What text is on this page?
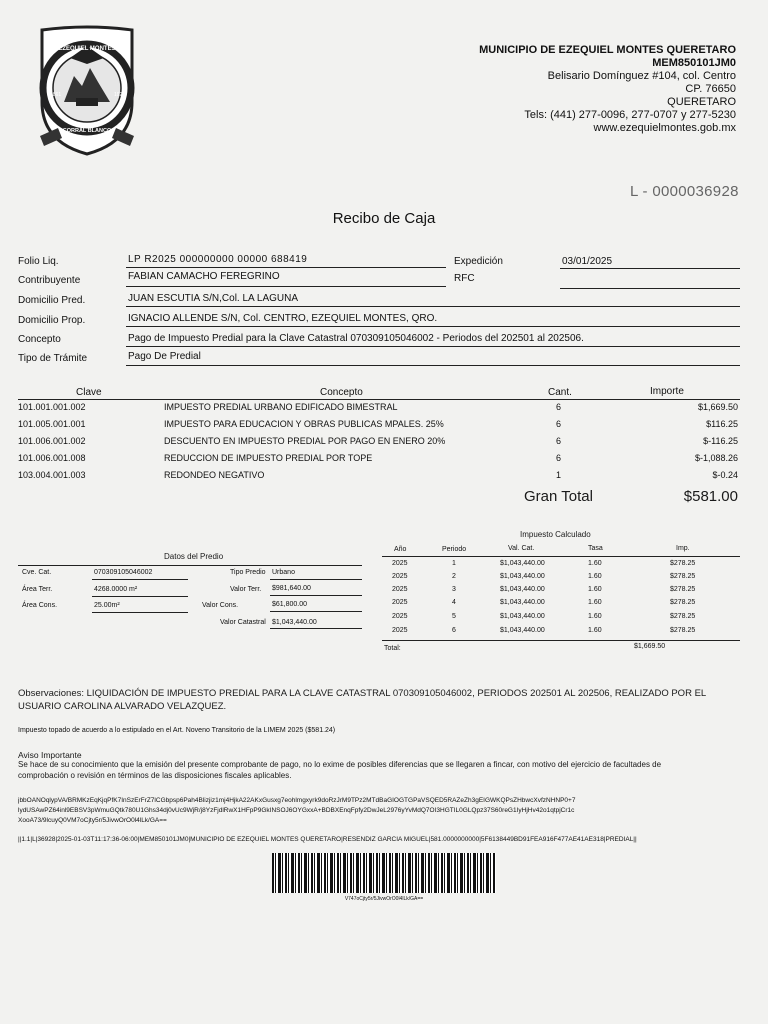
EZEQUIEL MONTES
CORRAL BLANCO
1861	1920
MUNICIPIO DE EZEQUIEL MONTES QUERETARO
MEM850101JM0
Belisario Domínguez #104, col. Centro
CP. 76650
QUERETARO
Tels: (441) 277-0096, 277-0707 y 277-5230
www.ezequielmontes.gob.mx
L - 0000036928
Recibo de Caja
Folio Liq.	LP R2025 000000000 00000 688419	Expedición	03/01/2025
Contribuyente	FABIAN CAMACHO FEREGRINO	RFC
Domicilio Pred.	JUAN ESCUTIA S/N,Col. LA LAGUNA
Domicilio Prop.	IGNACIO ALLENDE S/N, Col. CENTRO, EZEQUIEL MONTES, QRO.
Concepto	Pago de Impuesto Predial para la Clave Catastral 070309105046002 - Periodos del 202501 al 202506.
Tipo de Trámite	Pago De Predial
Clave	Concepto	Cant.	Importe
101.001.001.002	IMPUESTO PREDIAL URBANO EDIFICADO BIMESTRAL	6	$1,669.50
101.005.001.001	IMPUESTO PARA EDUCACION Y OBRAS PUBLICAS MPALES. 25%	6	$116.25
101.006.001.002	DESCUENTO EN IMPUESTO PREDIAL POR PAGO EN ENERO 20%	6	$-116.25
101.006.001.008	REDUCCION DE IMPUESTO PREDIAL POR TOPE	6	$-1,088.26
103.004.001.003	REDONDEO NEGATIVO	1	$-0.24
Gran Total	$581.00
Datos del Predio
Cve. Cat.	070309105046002	Tipo Predio Urbano
Área Terr.	4268.0000 m²	Valor Terr. $981,640.00
Área Cons.	25.00m²	Valor Cons.	$61,800.00
Valor Catastral $1,043,440.00
Impuesto Calculado
Año	Periodo	Val. Cat.	Tasa	Imp.
2025	1	$1,043,440.00	1.60	$278.25
2025	2	$1,043,440.00	1.60	$278.25
2025	3	$1,043,440.00	1.60	$278.25
2025	4	$1,043,440.00	1.60	$278.25
2025	5	$1,043,440.00	1.60	$278.25
2025	6	$1,043,440.00	1.60	$278.25
Total:	$1,669.50
Observaciones: LIQUIDACIÓN DE IMPUESTO PREDIAL PARA LA CLAVE CATASTRAL 070309105046002, PERIODOS 202501 AL 202506, REALIZADO POR EL
USUARIO CAROLINA ALVARADO VELAZQUEZ.
Impuesto topado de acuerdo a lo estipulado en el Art. Noveno Transitorio de la LIMEM 2025 ($581.24)
Aviso Importante
Se hace de su conocimiento que la emisión del presente comprobante de pago, no lo exime de posibles diferencias que se llegaren a fincar, con motivo del ejercicio de facultades de
comprobación o revisión en términos de las disposiciones fiscales aplicables.
jbbOANOqlypVA/BRMKzEqKjqPfK7InSzErFrZ7lCGbpsp6Pah4Blizjiz1mj4HjkA22AKxGusxg7eohlmgxyrk9doRzJrM9TPz2MTdBaGIOGTGPaVSQED5RAZeZh3gEIGWKQPsZHbwcXvfzNHNP0+7
lydUSAwPZ64inl9EBSV3pWmuGQtk780U1Ghs34dj0vUc9WjR/j8YzFjdlRwX1HFpP9GkINSOJ6OYGxxA+BDBXEnqFpfy2DwJeL2976yYvMdQ7OI3HGTIL0GLQpz37S60reG1IyHjHv42o1qtpjCr1c
XooA73/9lcuyQ0VM7oCjty5r/5JivwOrO0l4lLk/GA==
||1.1|L|36928|2025-01-03T11:17:36-06:00|MEM850101JM0|MUNICIPIO DE EZEQUIEL MONTES QUERETARO|RESENDIZ GARCIA MIGUEL|581.0000000000|5F6138449BD91FEA916F477AE41AE318|PREDIAL||
V747oCjty5r/5JivwOrO0l4lLk/GA==
